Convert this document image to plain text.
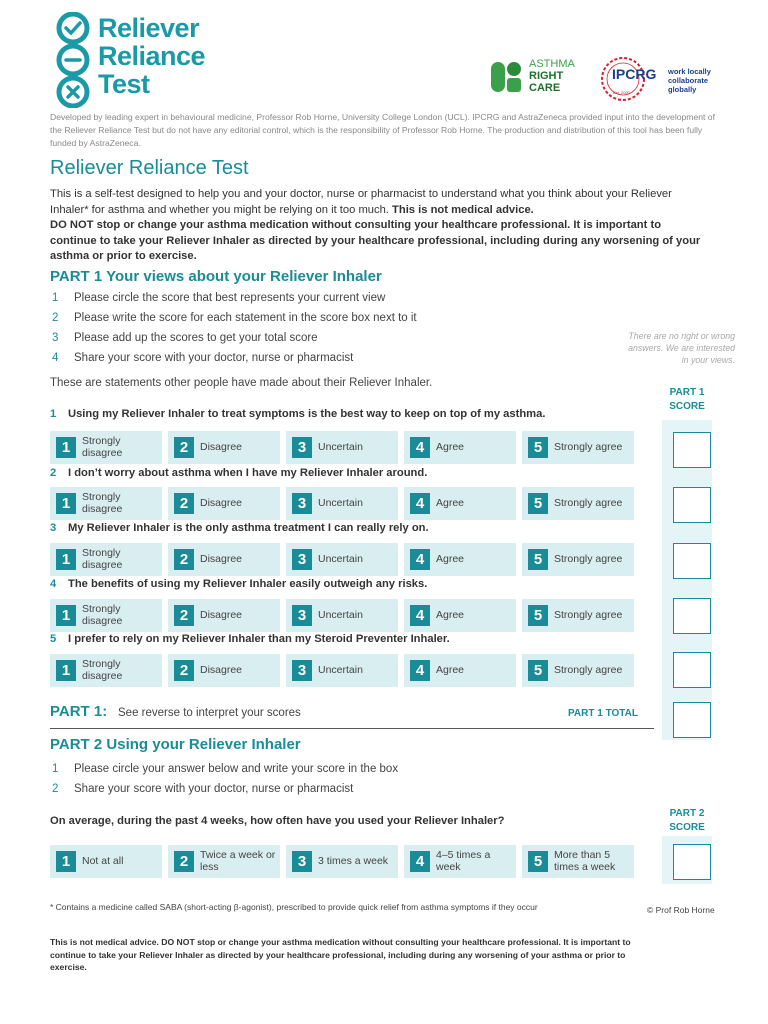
Reliever
Reliance
Test
ASTHMA
RIGHT
CARE	Est. 2000
IPCRG work locally
collaborate globally
Developed by leading expert in behavioural medicine, Professor Rob Horne, University College London (UCL). IPCRG and AstraZeneca provided input into the development of the Reliever Reliance Test but do not have any editorial control, which is the responsibility of Professor Rob Horne. The production and distribution of this tool has been fully funded by AstraZeneca.
Reliever Reliance Test
This is a self-test designed to help you and your doctor, nurse or pharmacist to understand what you think about your Reliever Inhaler* for asthma and whether you might be relying on it too much. This is not medical advice.
DO NOT stop or change your asthma medication without consulting your healthcare professional. It is important to continue to take your Reliever Inhaler as directed by your healthcare professional, including during any worsening of your asthma or prior to exercise.
PART 1 Your views about your Reliever Inhaler
1 Please circle the score that best represents your current view
2 Please write the score for each statement in the score box next to it
3 Please add up the scores to get your total score
4 Share your score with your doctor, nurse or pharmacist
There are no right or wrong answers. We are interested in your views.
These are statements other people have made about their Reliever Inhaler.
PART 1
SCORE
1 Using my Reliever Inhaler to treat symptoms is the best way to keep on top of my asthma.
1	Strongly disagree	2	Disagree	3	Uncertain	4	Agree	5	Strongly agree
2 I don’t worry about asthma when I have my Reliever Inhaler around.
1	Strongly disagree	2	Disagree	3	Uncertain	4	Agree	5	Strongly agree
3 My Reliever Inhaler is the only asthma treatment I can really rely on.
1	Strongly disagree	2	Disagree	3	Uncertain	4	Agree	5	Strongly agree
4 The benefits of using my Reliever Inhaler easily outweigh any risks.
1	Strongly disagree	2	Disagree	3	Uncertain	4	Agree	5	Strongly agree
5 I prefer to rely on my Reliever Inhaler than my Steroid Preventer Inhaler.
1	Strongly disagree	2	Disagree	3	Uncertain	4	Agree	5	Strongly agree
PART 1: See reverse to interpret your scores	PART 1 TOTAL
PART 2 Using your Reliever Inhaler
1 Please circle your answer below and write your score in the box
2 Share your score with your doctor, nurse or pharmacist
PART 2
SCORE
On average, during the past 4 weeks, how often have you used your Reliever Inhaler?
1	Not at all	2	Twice a week or less	3	3 times a week	4	4–5 times a week	5	More than 5 times a week
* Contains a medicine called SABA (short-acting β-agonist), prescribed to provide quick relief from asthma symptoms if they occur	© Prof Rob Horne
This is not medical advice. DO NOT stop or change your asthma medication without consulting your healthcare professional. It is important to continue to take your Reliever Inhaler as directed by your healthcare professional, including during any worsening of your asthma or prior to exercise.
